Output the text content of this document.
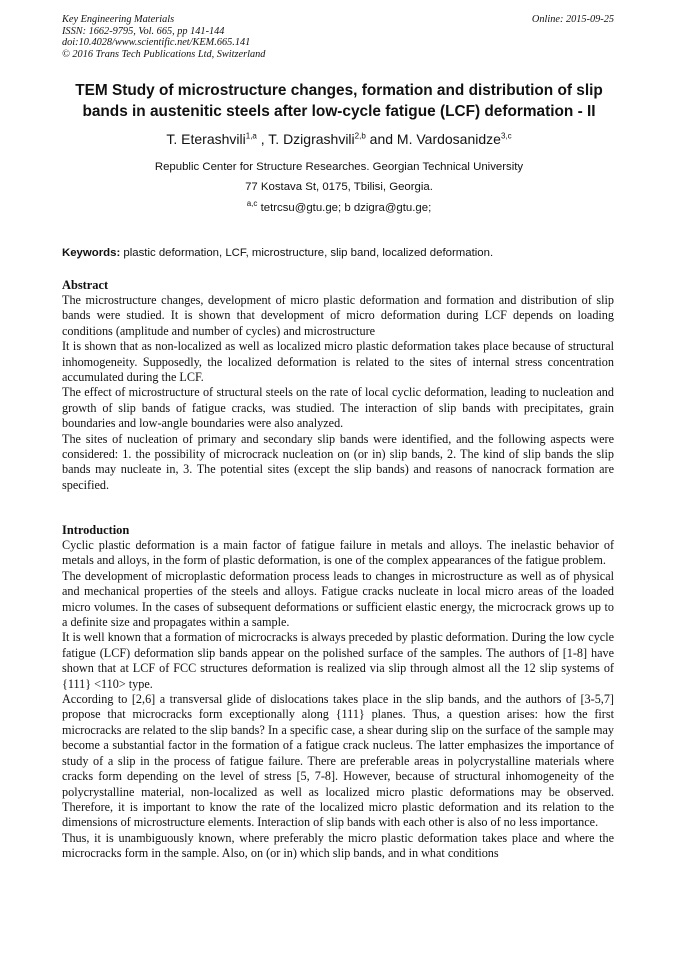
Key Engineering Materials
ISSN: 1662-9795, Vol. 665, pp 141-144
doi:10.4028/www.scientific.net/KEM.665.141
© 2016 Trans Tech Publications Ltd, Switzerland
Online: 2015-09-25
TEM Study of microstructure changes, formation and distribution of slip bands in austenitic steels after low-cycle fatigue (LCF) deformation - II
T. Eterashvili$^{1,a}$ , T. Dzigrashvili$^{2,b}$ and M. Vardosanidze$^{3,c}$
Republic Center for Structure Researches. Georgian Technical University
77 Kostava St, 0175, Tbilisi, Georgia.
$^{a,c}$ tetrcsu@gtu.ge; b dzigra@gtu.ge;
Keywords: plastic deformation, LCF, microstructure, slip band, localized deformation.
Abstract

The microstructure changes, development of micro plastic deformation and formation and distribution of slip bands were studied. It is shown that development of micro deformation during LCF depends on loading conditions (amplitude and number of cycles) and microstructure

It is shown that as non-localized as well as localized micro plastic deformation takes place because of structural inhomogeneity. Supposedly, the localized deformation is related to the sites of internal stress concentration accumulated during the LCF.

The effect of microstructure of structural steels on the rate of local cyclic deformation, leading to nucleation and growth of slip bands of fatigue cracks, was studied. The interaction of slip bands with precipitates, grain boundaries and low-angle boundaries were also analyzed.

The sites of nucleation of primary and secondary slip bands were identified, and the following aspects were considered: 1. the possibility of microcrack nucleation on (or in) slip bands, 2. The kind of slip bands the slip bands may nucleate in, 3. The potential sites (except the slip bands) and reasons of nanocrack formation are specified.

Introduction

Cyclic plastic deformation is a main factor of fatigue failure in metals and alloys. The inelastic behavior of metals and alloys, in the form of plastic deformation, is one of the complex appearances of the fatigue problem.

The development of microplastic deformation process leads to changes in microstructure as well as of physical and mechanical properties of the steels and alloys. Fatigue cracks nucleate in local micro areas of the loaded micro volumes. In the cases of subsequent deformations or sufficient elastic energy, the microcrack grows up to a definite size and propagates within a sample.

It is well known that a formation of microcracks is always preceded by plastic deformation. During the low cycle fatigue (LCF) deformation slip bands appear on the polished surface of the samples. The authors of [1-8] have shown that at LCF of FCC structures deformation is realized via slip through almost all the 12 slip systems of {111} <110> type.

According to [2,6] a transversal glide of dislocations takes place in the slip bands, and the authors of [3-5,7] propose that microcracks form exceptionally along {111} planes. Thus, a question arises: how the first microcracks are related to the slip bands? In a specific case, a shear during slip on the surface of the sample may become a substantial factor in the formation of a fatigue crack nucleus. The latter emphasizes the importance of study of a slip in the process of fatigue failure. There are preferable areas in polycrystalline materials where cracks form depending on the level of stress [5, 7-8]. However, because of structural inhomogeneity of the polycrystalline material, non-localized as well as localized micro plastic deformations may be observed. Therefore, it is important to know the rate of the localized micro plastic deformation and its relation to the dimensions of microstructure elements. Interaction of slip bands with each other is also of no less importance.

Thus, it is unambiguously known, where preferably the micro plastic deformation takes place and where the microcracks form in the sample. Also, on (or in) which slip bands, and in what conditions
